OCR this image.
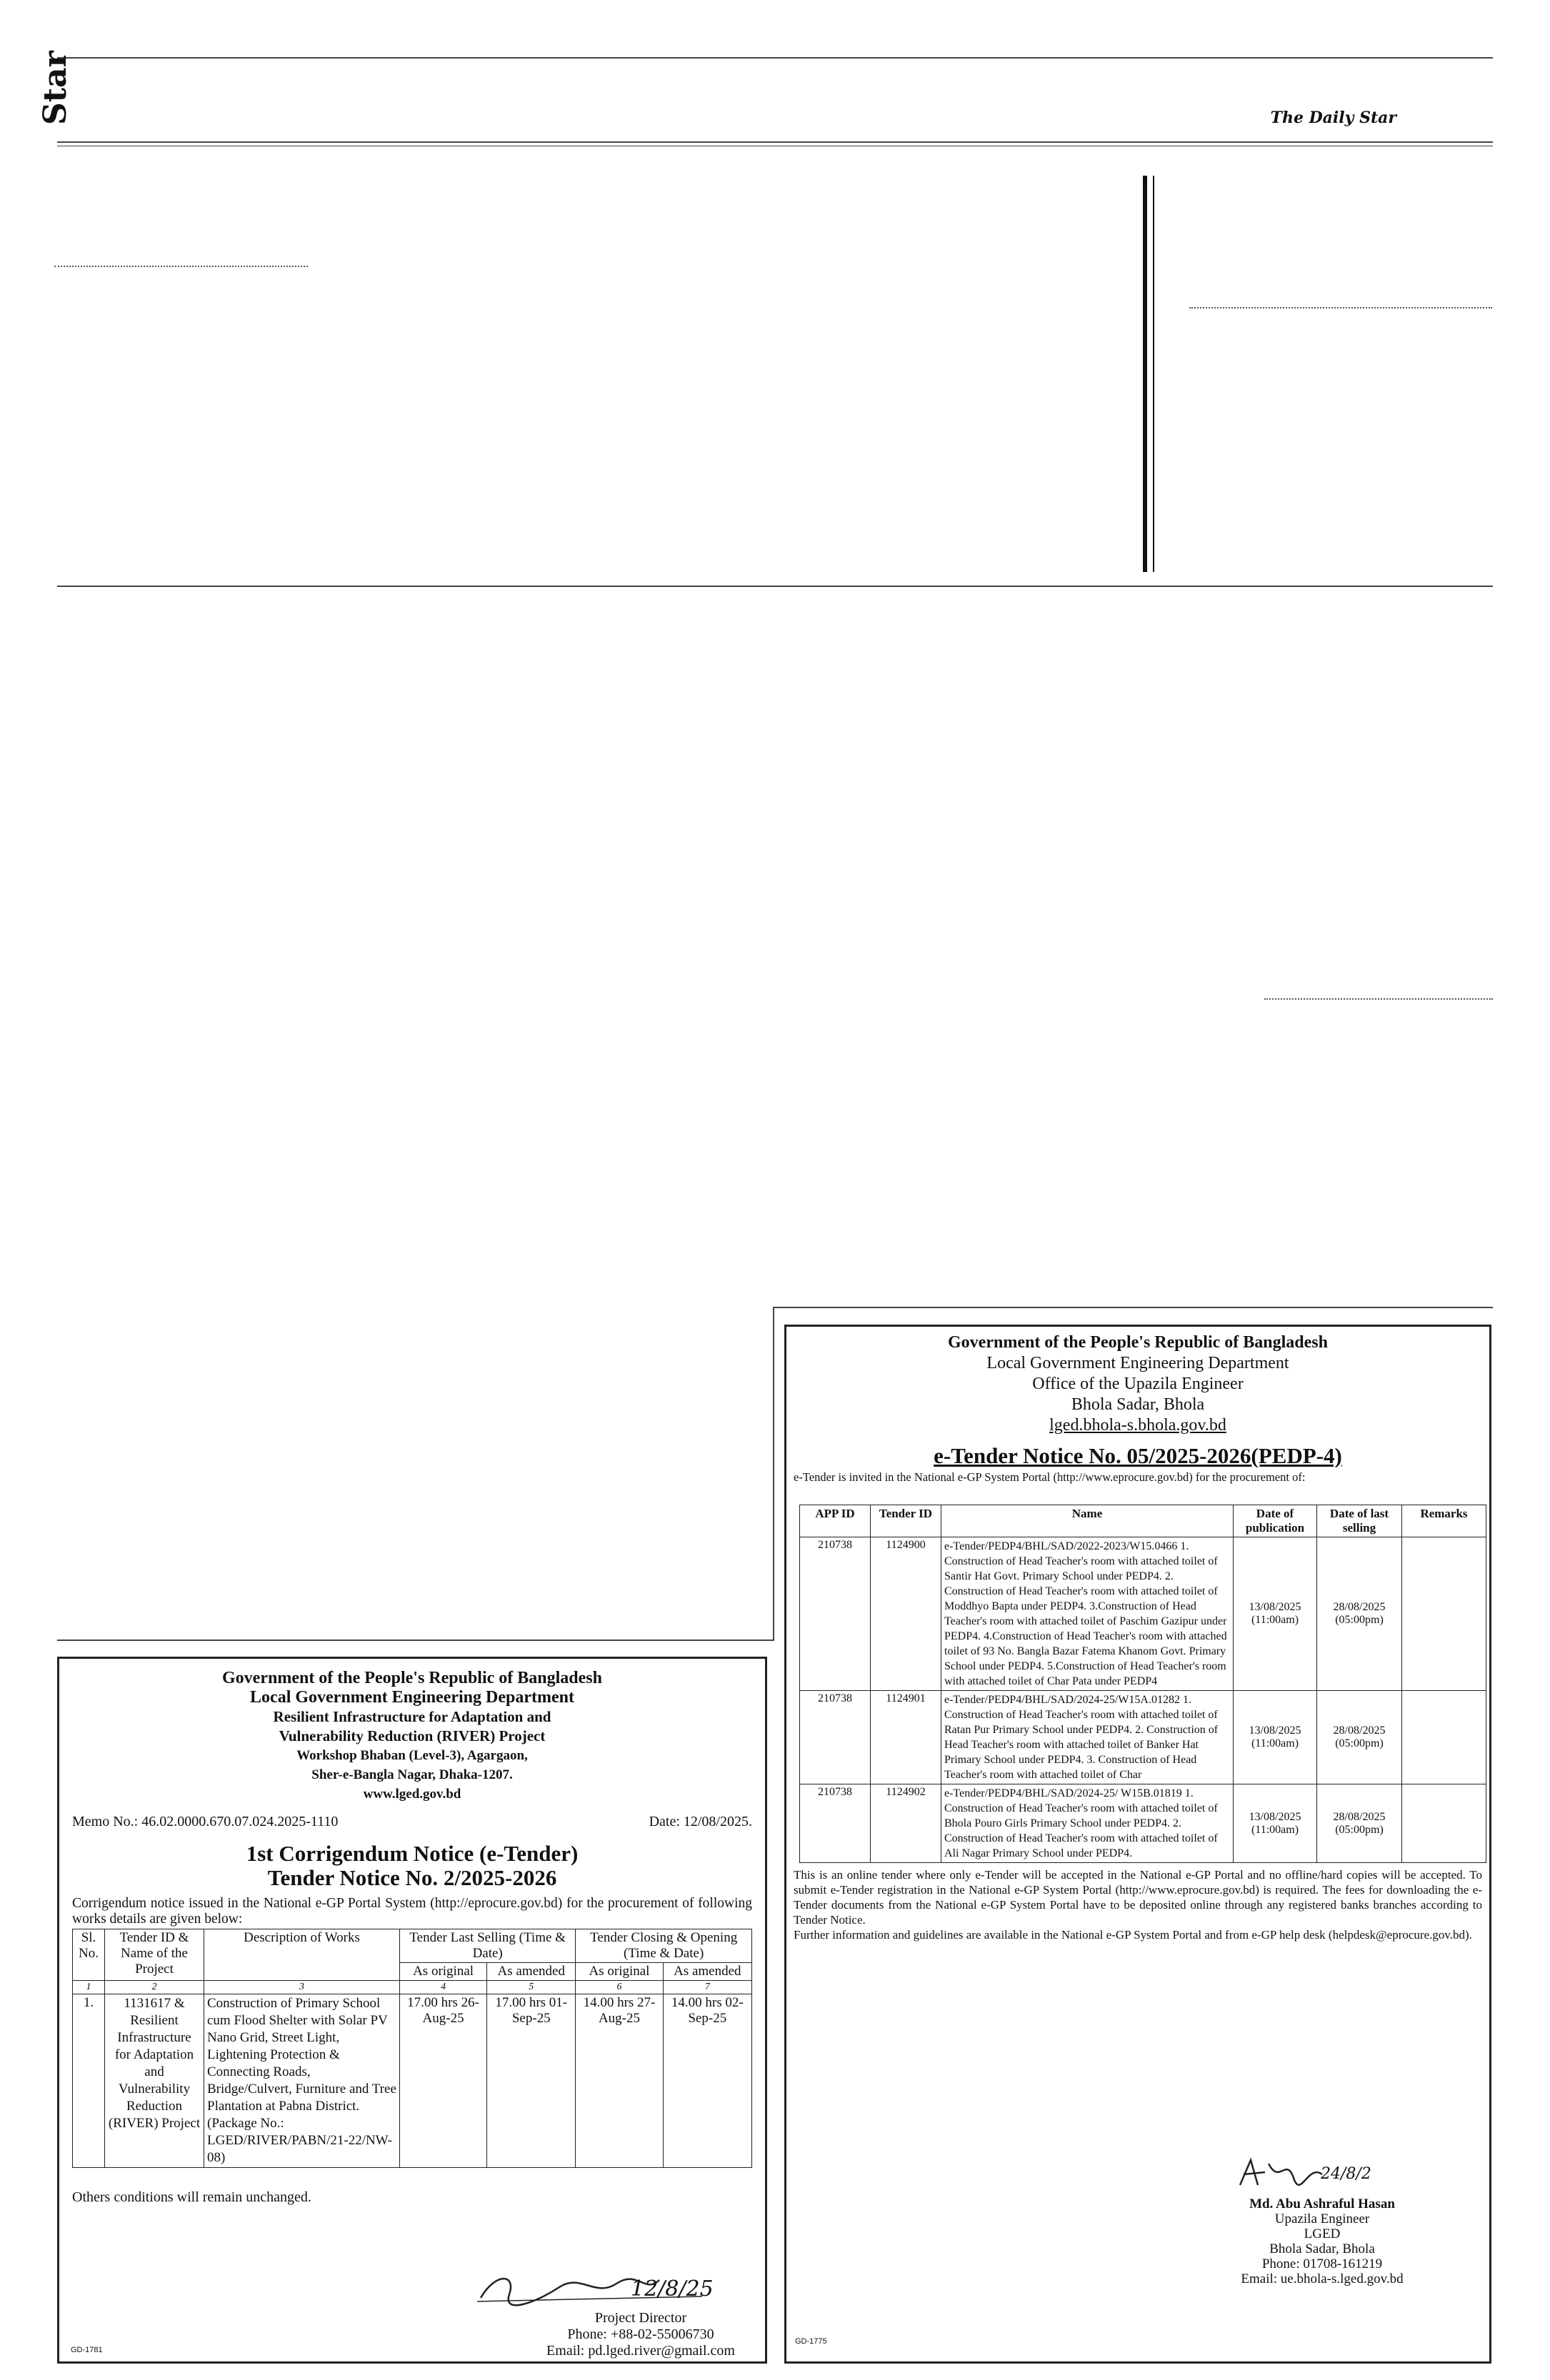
Star	The Daily Star
Government of the People's Republic of Bangladesh
Local Government Engineering Department
Resilient Infrastructure for Adaptation and
Vulnerability Reduction (RIVER) Project
Workshop Bhaban (Level-3), Agargaon,
Sher-e-Bangla Nagar, Dhaka-1207.
www.lged.gov.bd
Memo No.: 46.02.0000.670.07.024.2025-1110	Date: 12/08/2025.
1st Corrigendum Notice (e-Tender)
Tender Notice No. 2/2025-2026
Corrigendum notice issued in the National e-GP Portal System (http://eprocure.gov.bd) for the procurement of following works details are given below:
Sl. No.	Tender ID & Name of the Project	Description of Works	Tender Last Selling (Time & Date)		Tender Closing & Opening (Time & Date)	
			As original	As amended	As original	As amended
1	2	3	4	5	6	7
1.	1131617 & Resilient Infrastructure for Adaptation and Vulnerability Reduction (RIVER) Project	Construction of Primary School cum Flood Shelter with Solar PV Nano Grid, Street Light, Lightening Protection & Connecting Roads, Bridge/Culvert, Furniture and Tree Plantation at Pabna District. (Package No.: LGED/RIVER/PABN/21-22/NW-08)	17.00 hrs 26-Aug-25	17.00 hrs 01-Sep-25	14.00 hrs 27-Aug-25	14.00 hrs 02-Sep-25
Others conditions will remain unchanged.
12/8/25
Project Director
Phone: +88-02-55006730
Email: pd.lged.river@gmail.com
GD-1781
Government of the People's Republic of Bangladesh
Local Government Engineering Department
Office of the Upazila Engineer
Bhola Sadar, Bhola
lged.bhola-s.bhola.gov.bd
e-Tender Notice No. 05/2025-2026(PEDP-4)
e-Tender is invited in the National e-GP System Portal (http://www.eprocure.gov.bd) for the procurement of:
APP ID	Tender ID	Name	Date of publication	Date of last selling	Remarks
210738	1124900	e-Tender/PEDP4/BHL/SAD/2022-2023/W15.0466 1. Construction of Head Teacher's room with attached toilet of Santir Hat Govt. Primary School under PEDP4. 2. Construction of Head Teacher's room with attached toilet of Moddhyo Bapta under PEDP4. 3.Construction of Head Teacher's room with attached toilet of Paschim Gazipur under PEDP4. 4.Construction of Head Teacher's room with attached toilet of 93 No. Bangla Bazar Fatema Khanom Govt. Primary School under PEDP4. 5.Construction of Head Teacher's room with attached toilet of Char Pata under PEDP4	13/08/2025 (11:00am)	28/08/2025 (05:00pm)	
210738	1124901	e-Tender/PEDP4/BHL/SAD/2024-25/W15A.01282 1. Construction of Head Teacher's room with attached toilet of Ratan Pur Primary School under PEDP4. 2. Construction of Head Teacher's room with attached toilet of Banker Hat Primary School under PEDP4. 3. Construction of Head Teacher's room with attached toilet of Char	13/08/2025 (11:00am)	28/08/2025 (05:00pm)	
210738	1124902	e-Tender/PEDP4/BHL/SAD/2024-25/ W15B.01819 1. Construction of Head Teacher's room with attached toilet of Bhola Pouro Girls Primary School under PEDP4. 2. Construction of Head Teacher's room with attached toilet of Ali Nagar Primary School under PEDP4.	13/08/2025 (11:00am)	28/08/2025 (05:00pm)	
This is an online tender where only e-Tender will be accepted in the National e-GP Portal and no offline/hard copies will be accepted. To submit e-Tender registration in the National e-GP System Portal (http://www.eprocure.gov.bd) is required. The fees for downloading the e- Tender documents from the National e-GP System Portal have to be deposited online through any registered banks branches according to Tender Notice.
Further information and guidelines are available in the National e-GP System Portal and from e-GP help desk (helpdesk@eprocure.gov.bd).
24/8/2
Md. Abu Ashraful Hasan
Upazila Engineer
LGED
Bhola Sadar, Bhola
Phone: 01708-161219
Email: ue.bhola-s.lged.gov.bd
GD-1775
